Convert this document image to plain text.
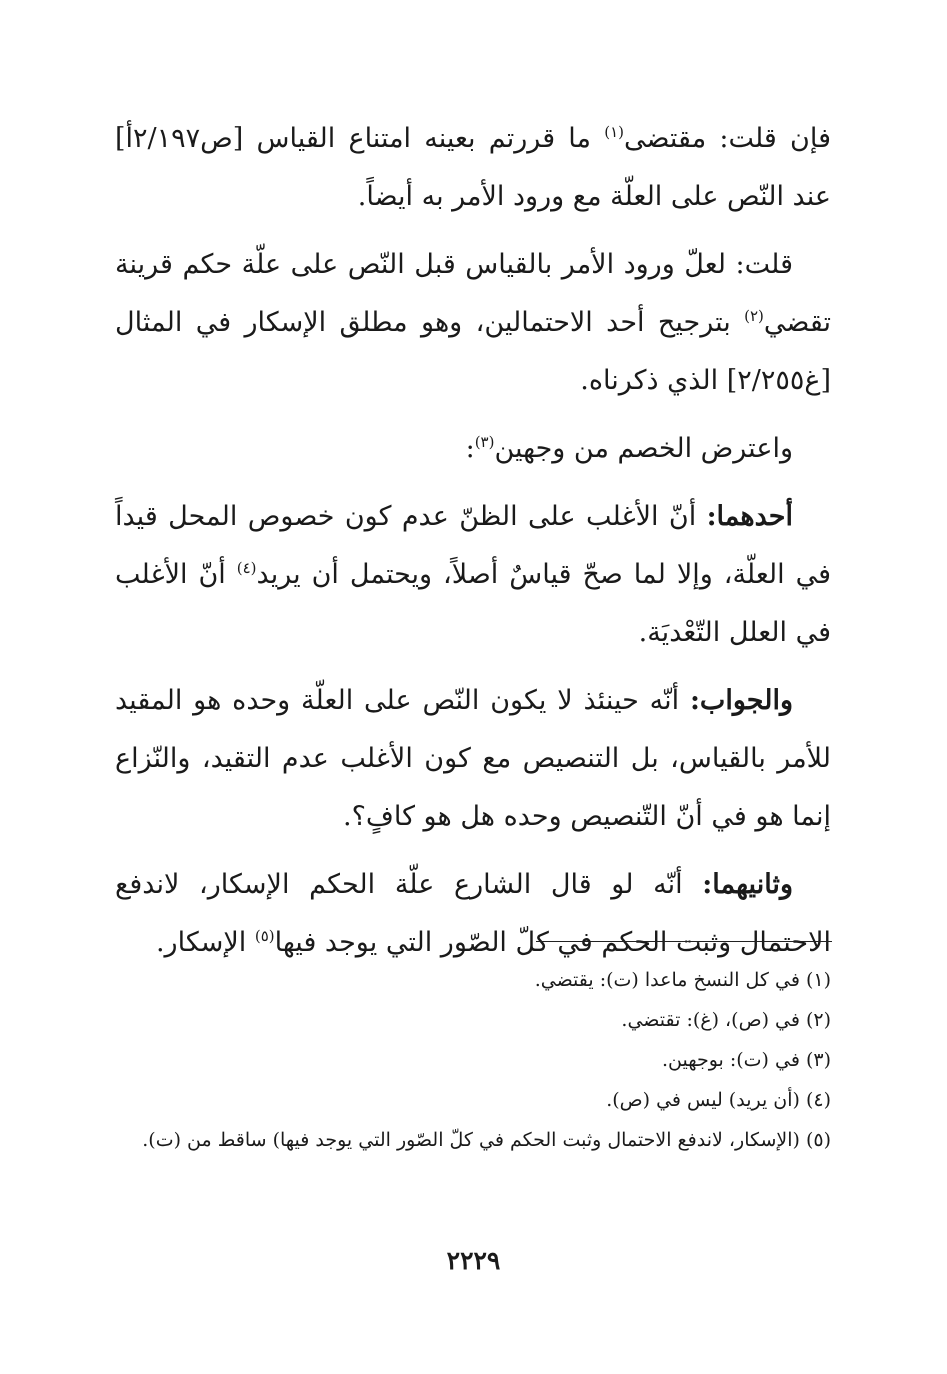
فإن قلت: مقتضى$^{(١)}$ ما قررتم بعينه امتناع القياس [ص٢/١٩٧أ] عند النّص على العلّة مع ورود الأمر به أيضاً.

قلت: لعلّ ورود الأمر بالقياس قبل النّص على علّة حكم قرينة تقضي$^{(٢)}$ بترجيح أحد الاحتمالين، وهو مطلق الإسكار في المثال [غ٢/٢٥٥] الذي ذكرناه.

واعترض الخصم من وجهين$^{(٣)}$:

أحدهما: أنّ الأغلب على الظنّ عدم كون خصوص المحل قيداً في العلّة، وإلا لما صحّ قياسٌ أصلاً، ويحتمل أن يريد$^{(٤)}$ أنّ الأغلب في العلل التّعْديَة.

والجواب: أنّه حينئذ لا يكون النّص على العلّة وحده هو المقيد للأمر بالقياس، بل التنصيص مع كون الأغلب عدم التقيد، والنّزاع إنما هو في أنّ التّنصيص وحده هل هو كافٍ؟.

وثانيهما: أنّه لو قال الشارع علّة الحكم الإسكار، لاندفع الاحتمال وثبت الحكم في كلّ الصّور التي يوجد فيها$^{(٥)}$ الإسكار.

(١)
في كل النسخ ماعدا (ت): يقتضي.
(٢)
في (ص)، (غ): تقتضي.
(٣)
في (ت): بوجهين.
(٤)
(أن يريد) ليس في (ص).
(٥)
(الإسكار، لاندفع الاحتمال وثبت الحكم في كلّ الصّور التي يوجد فيها) ساقط من (ت).
٢٢٢٩
